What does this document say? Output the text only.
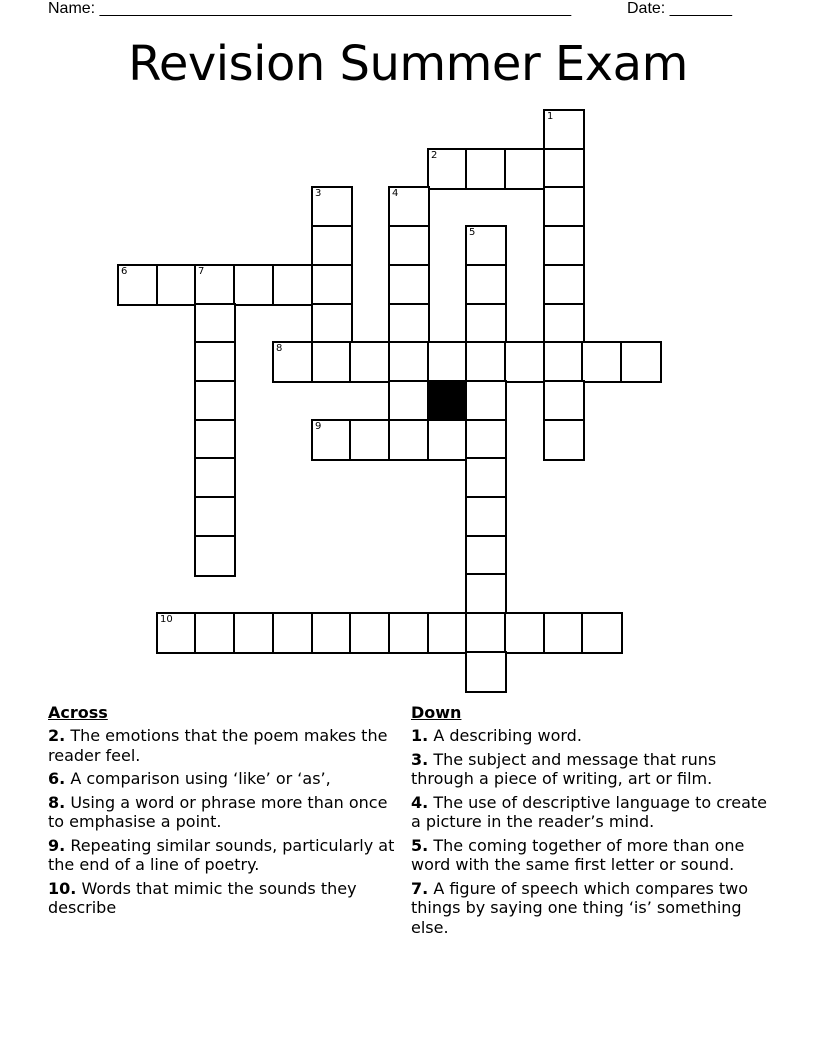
Name: _____________________________________________________	Date: _______
Revision Summer Exam
1
2
3	4
5
6	7
8
9
10
Across
2. The emotions that the poem makes the reader feel.
6. A comparison using ‘like’ or ‘as’,
8. Using a word or phrase more than once to emphasise a point.
9. Repeating similar sounds, particularly at the end of a line of poetry.
10. Words that mimic the sounds they describe
Down
1. A describing word.
3. The subject and message that runs through a piece of writing, art or film.
4. The use of descriptive language to create a picture in the reader’s mind.
5. The coming together of more than one word with the same first letter or sound.
7. A figure of speech which compares two things by saying one thing ‘is’ something else.
